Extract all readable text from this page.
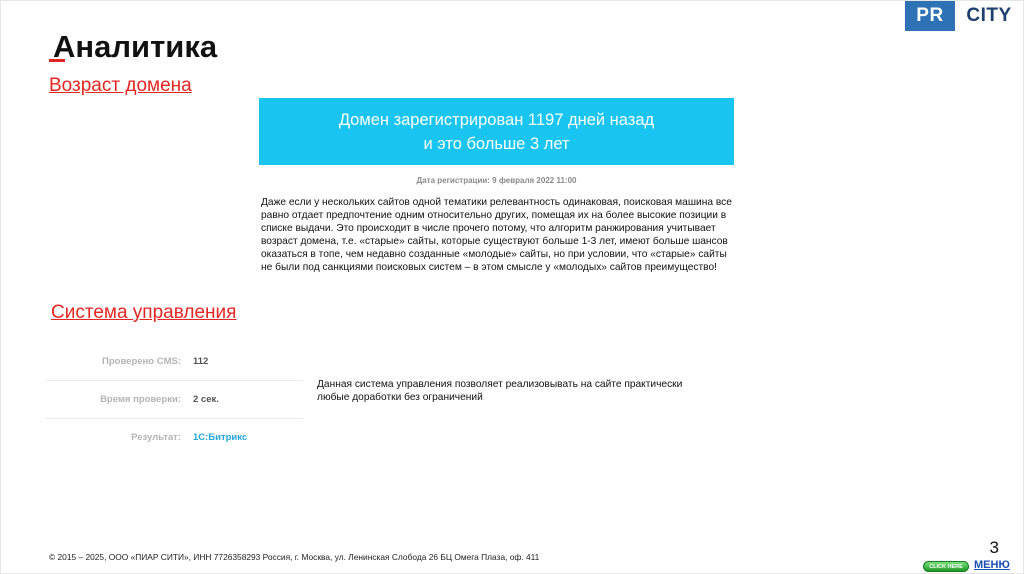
PR	CITY
Аналитика
Возраст домена
Домен зарегистрирован 1197 дней назад
и это больше 3 лет
Дата регистрации: 9 февраля 2022 11:00

Даже если у нескольких сайтов одной тематики релевантность одинаковая, поисковая машина все равно отдает предпочтение одним относительно других, помещая их на более высокие позиции в списке выдачи. Это происходит в числе прочего потому, что алгоритм ранжирования учитывает возраст домена, т.е. «старые» сайты, которые существуют больше 1-3 лет, имеют больше шансов оказаться в топе, чем недавно созданные «молодые» сайты, но при условии, что «старые» сайты не были под санкциями поисковых систем – в этом смысле у «молодых» сайтов преимущество!

Система управления
Проверено CMS:	112
Время проверки:	2 сек.
Результат:	1С:Битрикс

Данная система управления позволяет реализовывать на сайте практически любые доработки без ограничений

© 2015 – 2025, ООО «ПИАР СИТИ», ИНН 7726358293 Россия, г. Москва, ул. Ленинская Слобода 26 БЦ Омега Плаза, оф. 411	3
CLICK HERE	МЕНЮ
